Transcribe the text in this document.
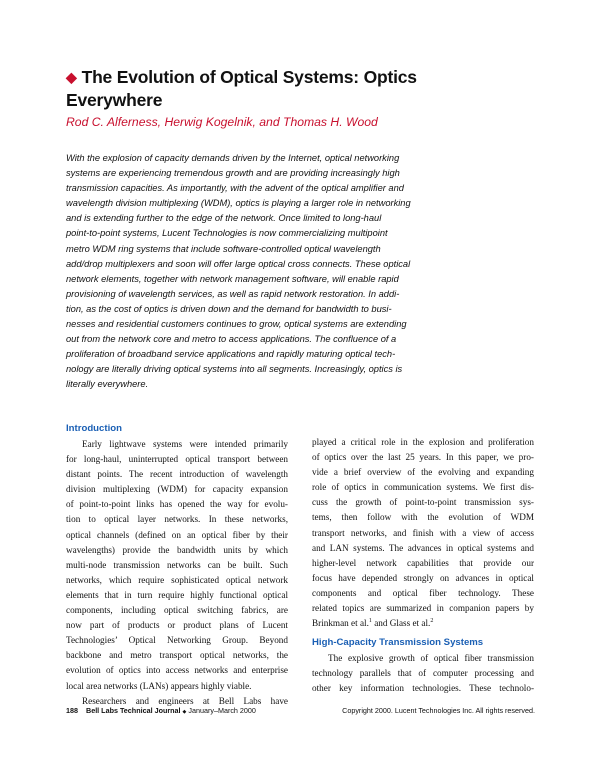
◆ The Evolution of Optical Systems: Optics
Everywhere
Rod C. Alferness, Herwig Kogelnik, and Thomas H. Wood
With the explosion of capacity demands driven by the Internet, optical networking
systems are experiencing tremendous growth and are providing increasingly high
transmission capacities. As importantly, with the advent of the optical amplifier and
wavelength division multiplexing (WDM), optics is playing a larger role in networking
and is extending further to the edge of the network. Once limited to long-haul
point-to-point systems, Lucent Technologies is now commercializing multipoint
metro WDM ring systems that include software-controlled optical wavelength
add/drop multiplexers and soon will offer large optical cross connects. These optical
network elements, together with network management software, will enable rapid
provisioning of wavelength services, as well as rapid network restoration. In addi-
tion, as the cost of optics is driven down and the demand for bandwidth to busi-
nesses and residential customers continues to grow, optical systems are extending
out from the network core and metro to access applications. The confluence of a
proliferation of broadband service applications and rapidly maturing optical tech-
nology are literally driving optical systems into all segments. Increasingly, optics is
literally everywhere.
Introduction
Early lightwave systems were intended primarily
for long-haul, uninterrupted optical transport between
distant points. The recent introduction of wavelength
division multiplexing (WDM) for capacity expansion
of point-to-point links has opened the way for evolu-
tion to optical layer networks. In these networks,
optical channels (defined on an optical fiber by their
wavelengths) provide the bandwidth units by which
multi-node transmission networks can be built. Such
networks, which require sophisticated optical network
elements that in turn require highly functional optical
components, including optical switching fabrics, are
now part of products or product plans of Lucent
Technologies’ Optical Networking Group. Beyond
backbone and metro transport optical networks, the
evolution of optics into access networks and enterprise
local area networks (LANs) appears highly viable.
Researchers and engineers at Bell Labs have
played a critical role in the explosion and proliferation
of optics over the last 25 years. In this paper, we pro-
vide a brief overview of the evolving and expanding
role of optics in communication systems. We first dis-
cuss the growth of point-to-point transmission sys-
tems, then follow with the evolution of WDM
transport networks, and finish with a view of access
and LAN systems. The advances in optical systems and
higher-level network capabilities that provide our
focus have depended strongly on advances in optical
components and optical fiber technology. These
related topics are summarized in companion papers by
Brinkman et al.$^1$ and Glass et al.$^2$
High-Capacity Transmission Systems
The explosive growth of optical fiber transmission
technology parallels that of computer processing and
other key information technologies. These technolo-
188 Bell Labs Technical Journal ◆ January–March 2000	Copyright 2000. Lucent Technologies Inc. All rights reserved.
